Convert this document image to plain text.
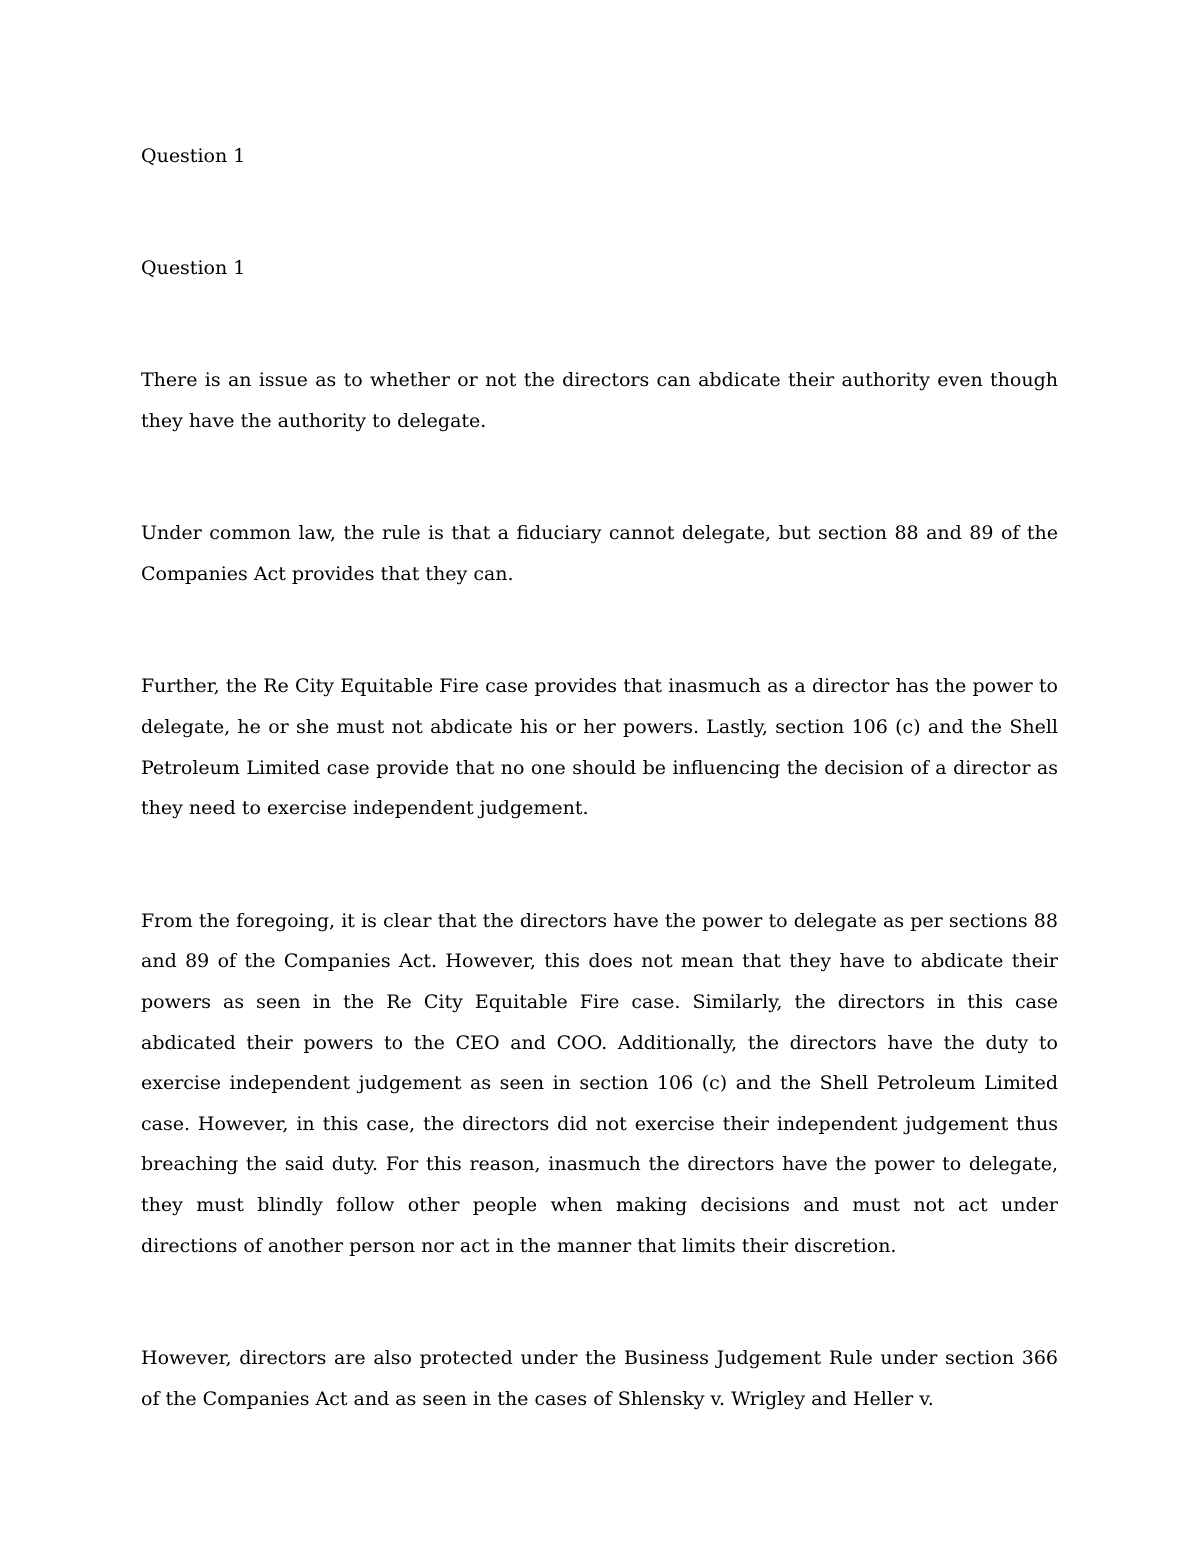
Question 1

Question 1

There is an issue as to whether or not the directors can abdicate their authority even though they have the authority to delegate.

Under common law, the rule is that a fiduciary cannot delegate, but section 88 and 89 of the Companies Act provides that they can.

Further, the Re City Equitable Fire case provides that inasmuch as a director has the power to delegate, he or she must not abdicate his or her powers. Lastly, section 106 (c) and the Shell Petroleum Limited case provide that no one should be influencing the decision of a director as they need to exercise independent judgement.

From the foregoing, it is clear that the directors have the power to delegate as per sections 88 and 89 of the Companies Act. However, this does not mean that they have to abdicate their powers as seen in the Re City Equitable Fire case. Similarly, the directors in this case abdicated their powers to the CEO and COO. Additionally, the directors have the duty to exercise independent judgement as seen in section 106 (c) and the Shell Petroleum Limited case. However, in this case, the directors did not exercise their independent judgement thus breaching the said duty. For this reason, inasmuch the directors have the power to delegate, they must blindly follow other people when making decisions and must not act under directions of another person nor act in the manner that limits their discretion.

However, directors are also protected under the Business Judgement Rule under section 366 of the Companies Act and as seen in the cases of Shlensky v. Wrigley and Heller v.
